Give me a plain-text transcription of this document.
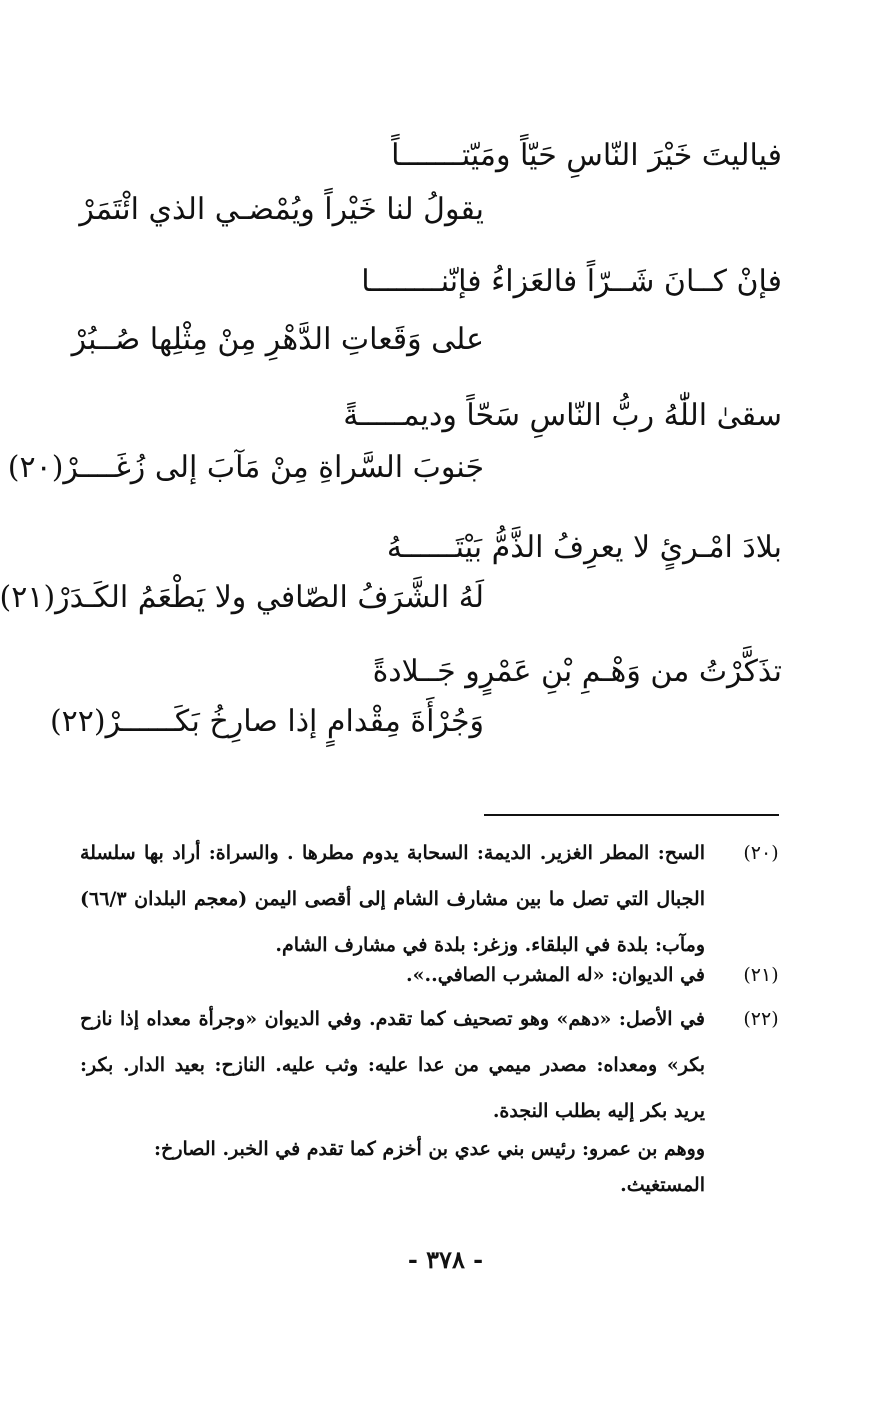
فياليتَ خَيْرَ النّاسِ حَيّاً ومَيّتـــــــاً
يقولُ لنا خَيْراً ويُمْضـي الذي ائْتَمَرْ
فإنْ كــانَ شَــرّاً فالعَزاءُ فإنّنــــــــا
على وَقَعاتِ الدَّهْرِ مِنْ مِثْلِها صُــبُرْ
سقىٰ اللّٰهُ ربُّ النّاسِ سَحّاً وديمـــــةً
جَنوبَ السَّراةِ مِنْ مَآبَ إلى زُغَــــرْ(٢٠)
بلادَ امْـرئٍ لا يعرِفُ الذَّمُّ بَيْتَــــــهُ
لَهُ الشَّرَفُ الصّافي ولا يَطْعَمُ الكَـدَرْ(٢١)
تذَكَّرْتُ من وَهْـمِ بْنِ عَمْرٍو جَــلادةً
وَجُرْأَةَ مِقْدامٍ إذا صارِخُ بَكَــــــرْ(٢٢)
(٢٠)
السح: المطر الغزير. الديمة: السحابة يدوم مطرها . والسراة: أراد بها سلسلة الجبال التي تصل ما بين مشارف الشام إلى أقصى اليمن (معجم البلدان ٦٦/٣) ومآب: بلدة في البلقاء. وزغر: بلدة في مشارف الشام.
(٢١)
في الديوان: «له المشرب الصافي..».
(٢٢)
في الأصل: «دهم» وهو تصحيف كما تقدم. وفي الديوان «وجرأة معداه إذا نازح بكر» ومعداه: مصدر ميمي من عدا عليه: وثب عليه. النازح: بعيد الدار. بكر: يريد بكر إليه بطلب النجدة.
ووهم بن عمرو: رئيس بني عدي بن أخزم كما تقدم في الخبر. الصارخ:
المستغيث.
- ٣٧٨ -
